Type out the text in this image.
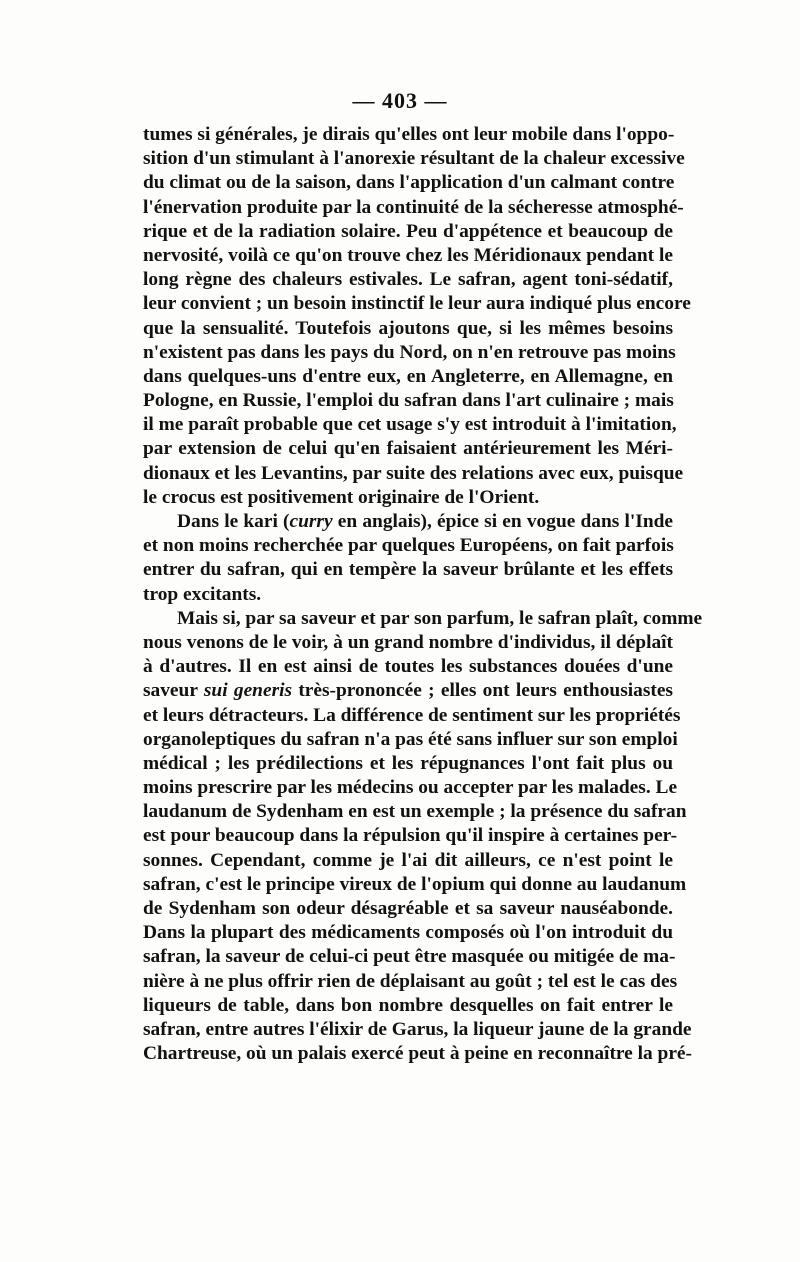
— 403 —

tumes si générales, je dirais qu'elles ont leur mobile dans l'oppo-
sition d'un stimulant à l'anorexie résultant de la chaleur excessive
du climat ou de la saison, dans l'application d'un calmant contre
l'énervation produite par la continuité de la sécheresse atmosphé-
rique et de la radiation solaire. Peu d'appétence et beaucoup de
nervosité, voilà ce qu'on trouve chez les Méridionaux pendant le
long règne des chaleurs estivales. Le safran, agent toni-sédatif,
leur convient ; un besoin instinctif le leur aura indiqué plus encore
que la sensualité. Toutefois ajoutons que, si les mêmes besoins
n'existent pas dans les pays du Nord, on n'en retrouve pas moins
dans quelques-uns d'entre eux, en Angleterre, en Allemagne, en
Pologne, en Russie, l'emploi du safran dans l'art culinaire ; mais
il me paraît probable que cet usage s'y est introduit à l'imitation,
par extension de celui qu'en faisaient antérieurement les Méri-
dionaux et les Levantins, par suite des relations avec eux, puisque
le crocus est positivement originaire de l'Orient.

Dans le kari (curry en anglais), épice si en vogue dans l'Inde
et non moins recherchée par quelques Européens, on fait parfois
entrer du safran, qui en tempère la saveur brûlante et les effets
trop excitants.

Mais si, par sa saveur et par son parfum, le safran plaît, comme
nous venons de le voir, à un grand nombre d'individus, il déplaît
à d'autres. Il en est ainsi de toutes les substances douées d'une
saveur sui generis très-prononcée ; elles ont leurs enthousiastes
et leurs détracteurs. La différence de sentiment sur les propriétés
organoleptiques du safran n'a pas été sans influer sur son emploi
médical ; les prédilections et les répugnances l'ont fait plus ou
moins prescrire par les médecins ou accepter par les malades. Le
laudanum de Sydenham en est un exemple ; la présence du safran
est pour beaucoup dans la répulsion qu'il inspire à certaines per-
sonnes. Cependant, comme je l'ai dit ailleurs, ce n'est point le
safran, c'est le principe vireux de l'opium qui donne au laudanum
de Sydenham son odeur désagréable et sa saveur nauséabonde.
Dans la plupart des médicaments composés où l'on introduit du
safran, la saveur de celui-ci peut être masquée ou mitigée de ma-
nière à ne plus offrir rien de déplaisant au goût ; tel est le cas des
liqueurs de table, dans bon nombre desquelles on fait entrer le
safran, entre autres l'élixir de Garus, la liqueur jaune de la grande
Chartreuse, où un palais exercé peut à peine en reconnaître la pré-
